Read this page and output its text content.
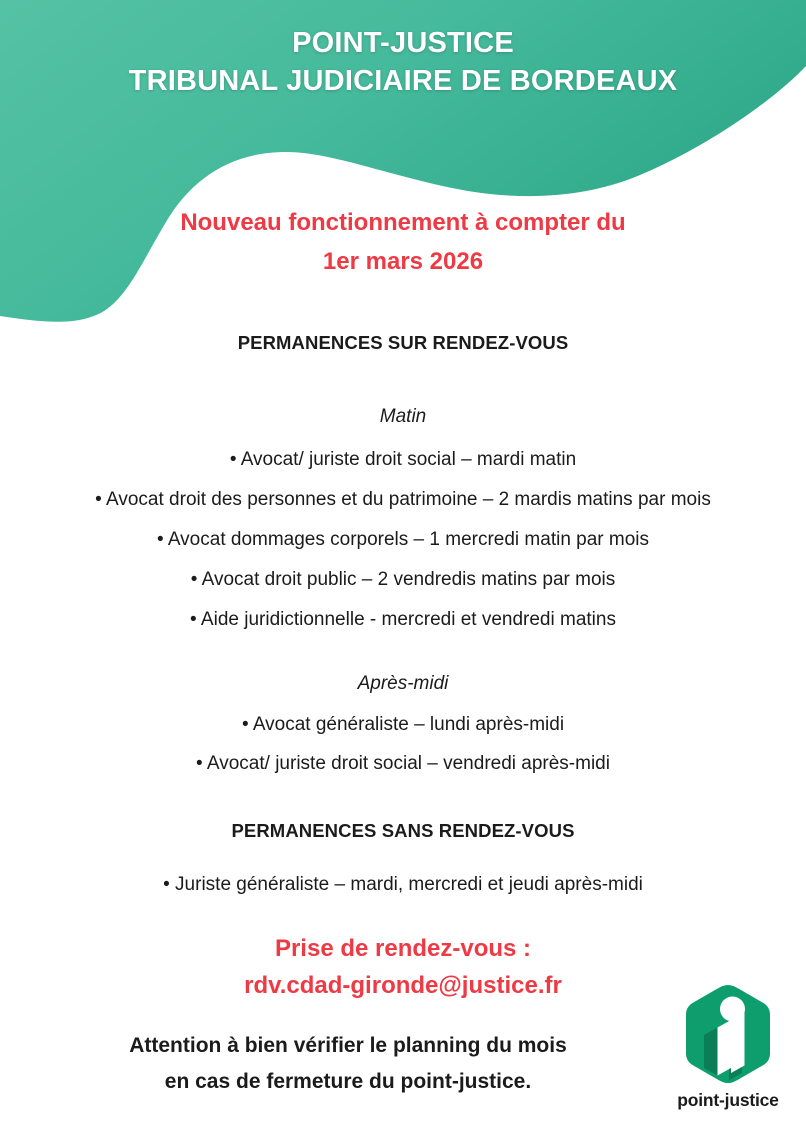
POINT-JUSTICE
TRIBUNAL JUDICIAIRE DE BORDEAUX
Nouveau fonctionnement à compter du
1er mars 2026
PERMANENCES SUR RENDEZ-VOUS
Matin
• Avocat/ juriste droit social – mardi matin
• Avocat droit des personnes et du patrimoine – 2 mardis matins par mois
• Avocat dommages corporels – 1 mercredi matin par mois
• Avocat droit public – 2 vendredis matins par mois
• Aide juridictionnelle - mercredi et vendredi matins
Après-midi
• Avocat généraliste – lundi après-midi
• Avocat/ juriste droit social – vendredi après-midi
PERMANENCES SANS RENDEZ-VOUS
• Juriste généraliste – mardi, mercredi et jeudi après-midi
Prise de rendez-vous :
rdv.cdad-gironde@justice.fr
Attention à bien vérifier le planning du mois
en cas de fermeture du point-justice.
point-justice
